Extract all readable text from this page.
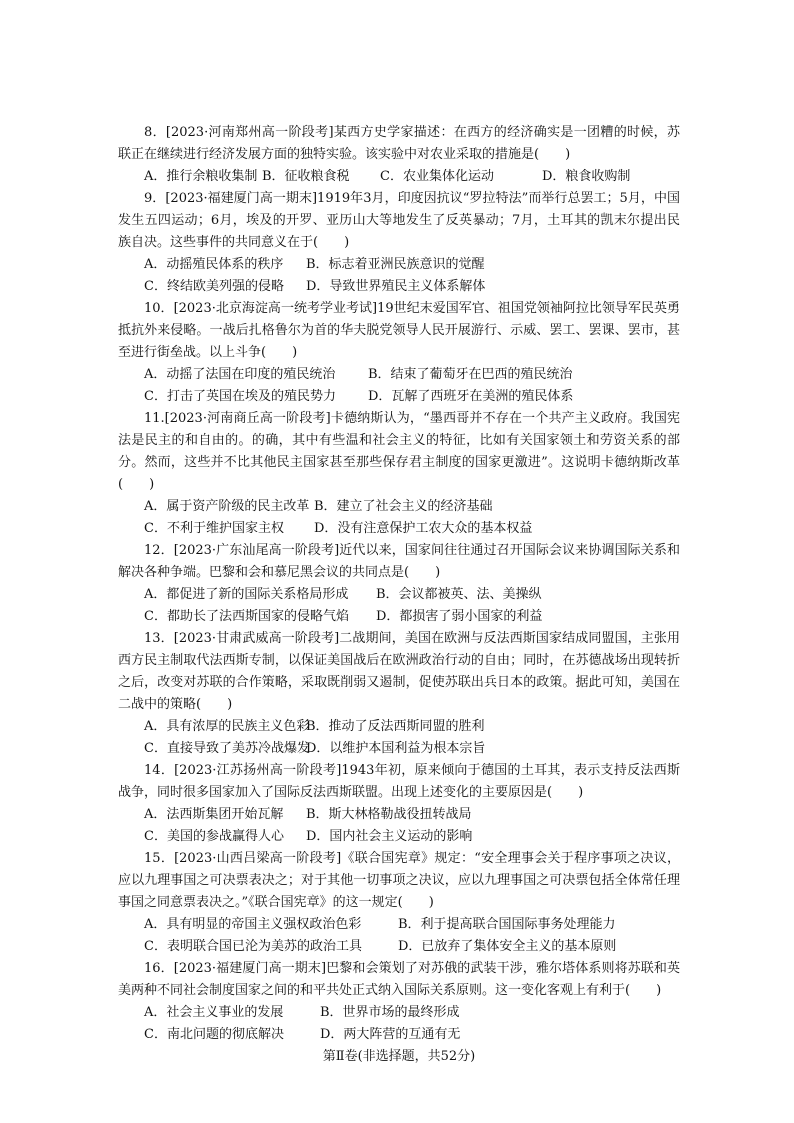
8．[2023·河南郑州高一阶段考]某西方史学家描述：在西方的经济确实是一团糟的时候，苏联正在继续进行经济发展方面的独特实验。该实验中对农业采取的措施是(　　)

A．推行余粮收集制 B．征收粮食税	C．农业集体化运动	D．粮食收购制

9．[2023·福建厦门高一期末]1919年3月，印度因抗议“罗拉特法”而举行总罢工；5月，中国发生五四运动；6月，埃及的开罗、亚历山大等地发生了反英暴动；7月，土耳其的凯末尔提出民族自决。这些事件的共同意义在于(　　)

A．动摇殖民体系的秩序	B．标志着亚洲民族意识的觉醒
C．终结欧美列强的侵略	D．导致世界殖民主义体系解体

10．[2023·北京海淀高一统考学业考试]19世纪末爱国军官、祖国党领袖阿拉比领导军民英勇抵抗外来侵略。一战后扎格鲁尔为首的华夫脱党领导人民开展游行、示威、罢工、罢课、罢市，甚至进行街垒战。以上斗争(　　)

A．动摇了法国在印度的殖民统治	B．结束了葡萄牙在巴西的殖民统治
C．打击了英国在埃及的殖民势力	D．瓦解了西班牙在美洲的殖民体系

11.[2023·河南商丘高一阶段考]卡德纳斯认为，“墨西哥并不存在一个共产主义政府。我国宪法是民主的和自由的。的确，其中有些温和社会主义的特征，比如有关国家领土和劳资关系的部分。然而，这些并不比其他民主国家甚至那些保存君主制度的国家更激进”。这说明卡德纳斯改革(　　)

A．属于资产阶级的民主改革 B．建立了社会主义的经济基础
C．不利于维护国家主权	D．没有注意保护工农大众的基本权益

12．[2023·广东汕尾高一阶段考]近代以来，国家间往往通过召开国际会议来协调国际关系和解决各种争端。巴黎和会和慕尼黑会议的共同点是(　　)

A．都促进了新的国际关系格局形成	B．会议都被英、法、美操纵
C．都助长了法西斯国家的侵略气焰	D．都损害了弱小国家的利益

13．[2023·甘肃武威高一阶段考]二战期间，美国在欧洲与反法西斯国家结成同盟国，主张用西方民主制取代法西斯专制，以保证美国战后在欧洲政治行动的自由；同时，在苏德战场出现转折之后，改变对苏联的合作策略，采取既削弱又遏制，促使苏联出兵日本的政策。据此可知，美国在二战中的策略(　　)

A．具有浓厚的民族主义色彩
B．推动了反法西斯同盟的胜利
C．直接导致了美苏冷战爆发
D．以维护本国利益为根本宗旨

14．[2023·江苏扬州高一阶段考]1943年初，原来倾向于德国的土耳其，表示支持反法西斯战争，同时很多国家加入了国际反法西斯联盟。出现上述变化的主要原因是(　　)

A．法西斯集团开始瓦解	B．斯大林格勒战役扭转战局
C．美国的参战赢得人心	D．国内社会主义运动的影响

15．[2023·山西吕梁高一阶段考]《联合国宪章》规定：“安全理事会关于程序事项之决议，应以九理事国之可决票表决之；对于其他一切事项之决议，应以九理事国之可决票包括全体常任理事国之同意票表决之。”《联合国宪章》的这一规定(　　)

A．具有明显的帝国主义强权政治色彩	B．利于提高联合国国际事务处理能力
C．表明联合国已沦为美苏的政治工具	D．已放弃了集体安全主义的基本原则

16．[2023·福建厦门高一期末]巴黎和会策划了对苏俄的武装干涉，雅尔塔体系则将苏联和英美两种不同社会制度国家之间的和平共处正式纳入国际关系原则。这一变化客观上有利于(　　)

A．社会主义事业的发展	B．世界市场的最终形成
C．南北问题的彻底解决	D．两大阵营的互通有无

第Ⅱ卷(非选择题，共52分)
